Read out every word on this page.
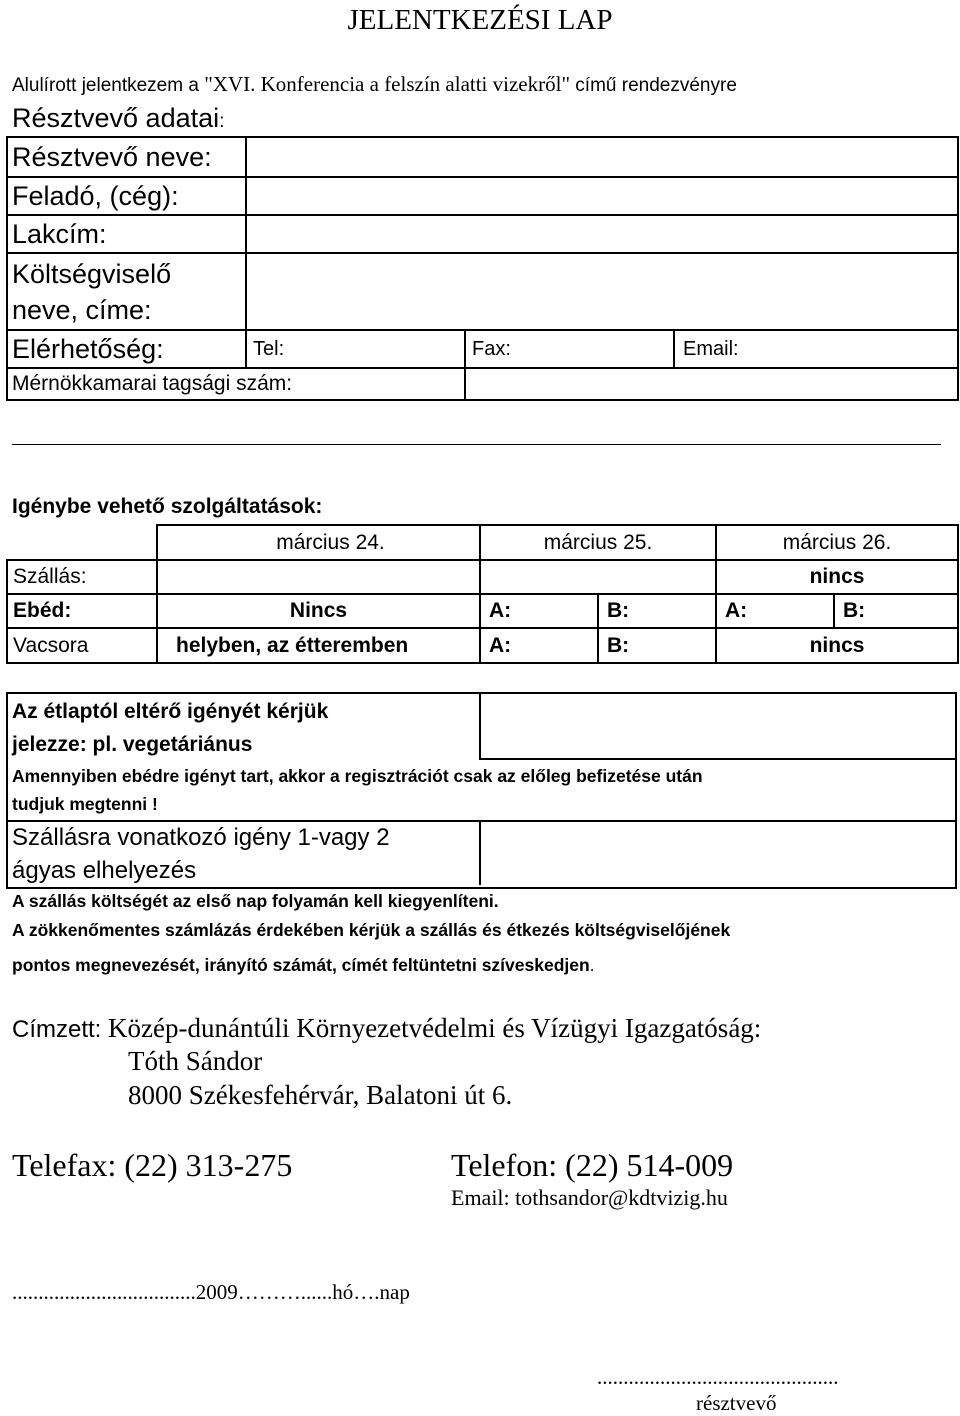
JELENTKEZÉSI LAP
Alulírott jelentkezem a "XVI. Konferencia a felszín alatti vizekről" című rendezvényre
Résztvevő adatai:
Résztvevő neve:			
Feladó, (cég):			
Lakcím:			

Költségviselő
neve, címe:			

Elérhetőség:	Tel:	Fax:	Email:
Mérnökkamarai tagsági szám:			
Igénybe vehető szolgáltatások:
	március 24.	március 25.		március 26.	
Szállás:				nincs	
Ebéd:	Nincs	A:	B:	A:	B:
Vacsora	helyben, az étteremben	A:	B:	nincs	
Az étlaptól eltérő igényét kérjük
jelezze: pl. vegetáriánus
Amennyiben ebédre igényt tart, akkor a regisztrációt csak az előleg befizetése után
tudjuk megtenni !
Szállásra vonatkozó igény 1-vagy 2
ágyas elhelyezés
A szállás költségét az első nap folyamán kell kiegyenlíteni.
A zökkenőmentes számlázás érdekében kérjük a szállás és étkezés költségviselőjének
pontos megnevezését, irányító számát, címét feltüntetni szíveskedjen.
Címzett: Közép-dunántúli Környezetvédelmi és Vízügyi Igazgatóság:
Tóth Sándor
8000 Székesfehérvár, Balatoni út 6.
Telefax: (22) 313-275	Telefon: (22) 514-009
Email: tothsandor@kdtvizig.hu
...................................2009………......hó….nap
..............................................
résztvevő
